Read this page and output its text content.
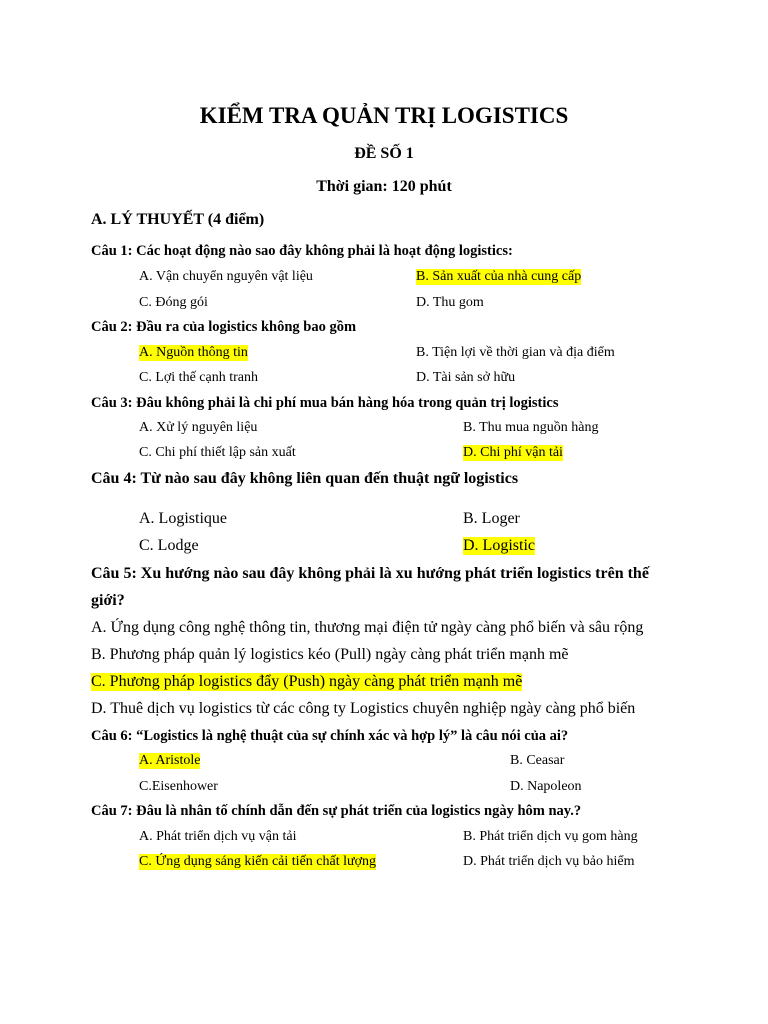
KIỂM TRA QUẢN TRỊ LOGISTICS
ĐỀ SỐ 1
Thời gian: 120 phút
A. LÝ THUYẾT (4 điểm)
Câu 1: Các hoạt động nào sao đây không phải là hoạt động logistics:
A. Vận chuyển nguyên vật liệu	B. Sản xuất của nhà cung cấp
C. Đóng gói	D. Thu gom
Câu 2: Đầu ra của logistics không bao gồm
A. Nguồn thông tin	B. Tiện lợi về thời gian và địa điểm
C. Lợi thế cạnh tranh	D. Tài sản sở hữu
Câu 3: Đâu không phải là chi phí mua bán hàng hóa trong quản trị logistics
A. Xử lý nguyên liệu	B. Thu mua nguồn hàng
C. Chi phí thiết lập sản xuất	D. Chi phí vận tải
Câu 4: Từ nào sau đây không liên quan đến thuật ngữ logistics
A. Logistique	B. Loger
C. Lodge	D. Logistic
Câu 5: Xu hướng nào sau đây không phải là xu hướng phát triển logistics trên thế
giới?
A. Ứng dụng công nghệ thông tin, thương mại điện tử ngày càng phổ biến và sâu rộng
B. Phương pháp quản lý logistics kéo (Pull) ngày càng phát triển mạnh mẽ
C. Phương pháp logistics đẩy (Push) ngày càng phát triển mạnh mẽ
D. Thuê dịch vụ logistics từ các công ty Logistics chuyên nghiệp ngày càng phổ biến
Câu 6: “Logistics là nghệ thuật của sự chính xác và hợp lý” là câu nói của ai?
A. Aristole	B. Ceasar
C.Eisenhower	D. Napoleon
Câu 7: Đâu là nhân tố chính dẫn đến sự phát triển của logistics ngày hôm nay.?
A. Phát triển dịch vụ vận tải	B. Phát triển dịch vụ gom hàng
C. Ứng dụng sáng kiến cải tiến chất lượng	D. Phát triển dịch vụ bảo hiểm
